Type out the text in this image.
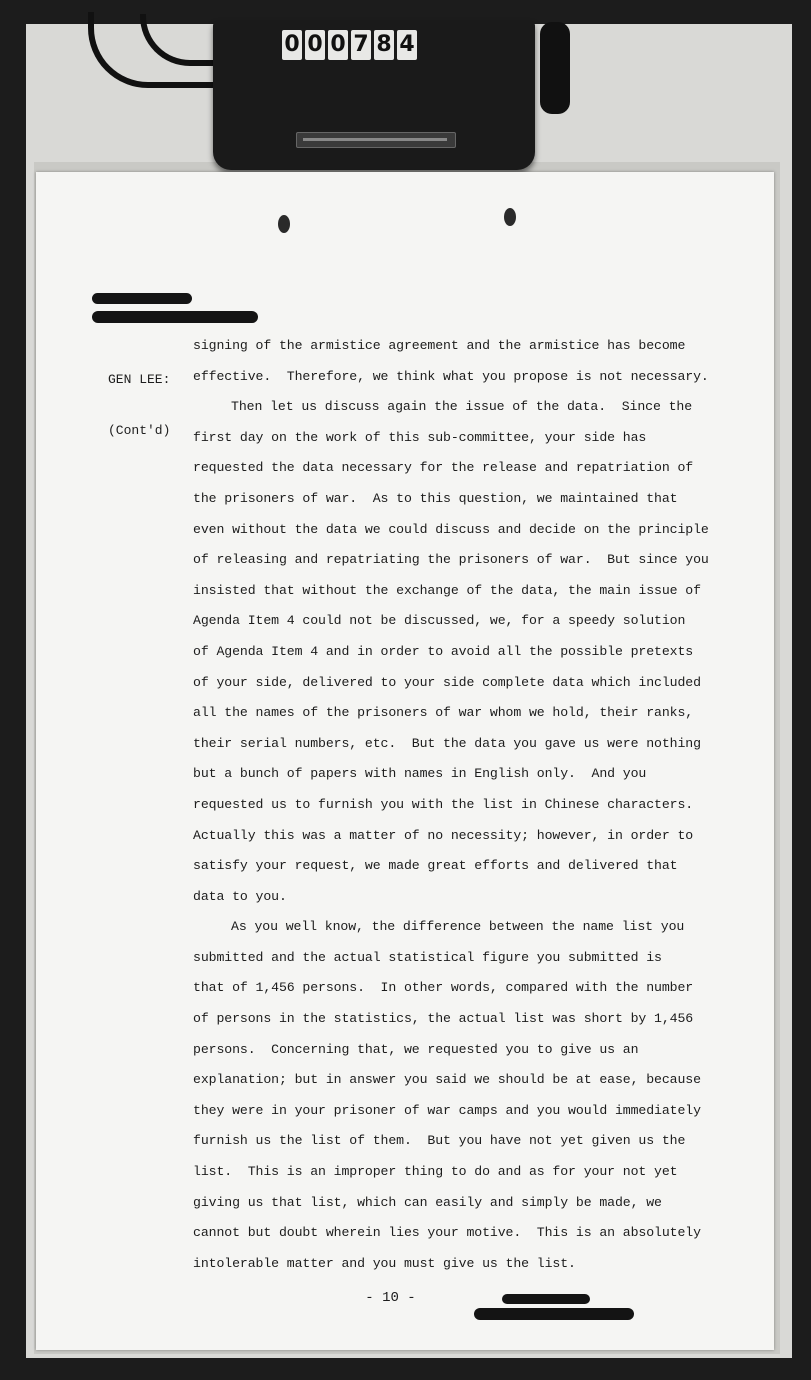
0 0 0 7 8 4

GEN LEE:

(Cont'd)

signing of the armistice agreement and the armistice has become
effective.  Therefore, we think what you propose is not necessary.
Then let us discuss again the issue of the data.  Since the
first day on the work of this sub-committee, your side has
requested the data necessary for the release and repatriation of
the prisoners of war.  As to this question, we maintained that
even without the data we could discuss and decide on the principle
of releasing and repatriating the prisoners of war.  But since you
insisted that without the exchange of the data, the main issue of
Agenda Item 4 could not be discussed, we, for a speedy solution
of Agenda Item 4 and in order to avoid all the possible pretexts
of your side, delivered to your side complete data which included
all the names of the prisoners of war whom we hold, their ranks,
their serial numbers, etc.  But the data you gave us were nothing
but a bunch of papers with names in English only.  And you
requested us to furnish you with the list in Chinese characters.
Actually this was a matter of no necessity; however, in order to
satisfy your request, we made great efforts and delivered that
data to you.
As you well know, the difference between the name list you
submitted and the actual statistical figure you submitted is
that of 1,456 persons.  In other words, compared with the number
of persons in the statistics, the actual list was short by 1,456
persons.  Concerning that, we requested you to give us an
explanation; but in answer you said we should be at ease, because
they were in your prisoner of war camps and you would immediately
furnish us the list of them.  But you have not yet given us the
list.  This is an improper thing to do and as for your not yet
giving us that list, which can easily and simply be made, we
cannot but doubt wherein lies your motive.  This is an absolutely
intolerable matter and you must give us the list.
- 10 -
